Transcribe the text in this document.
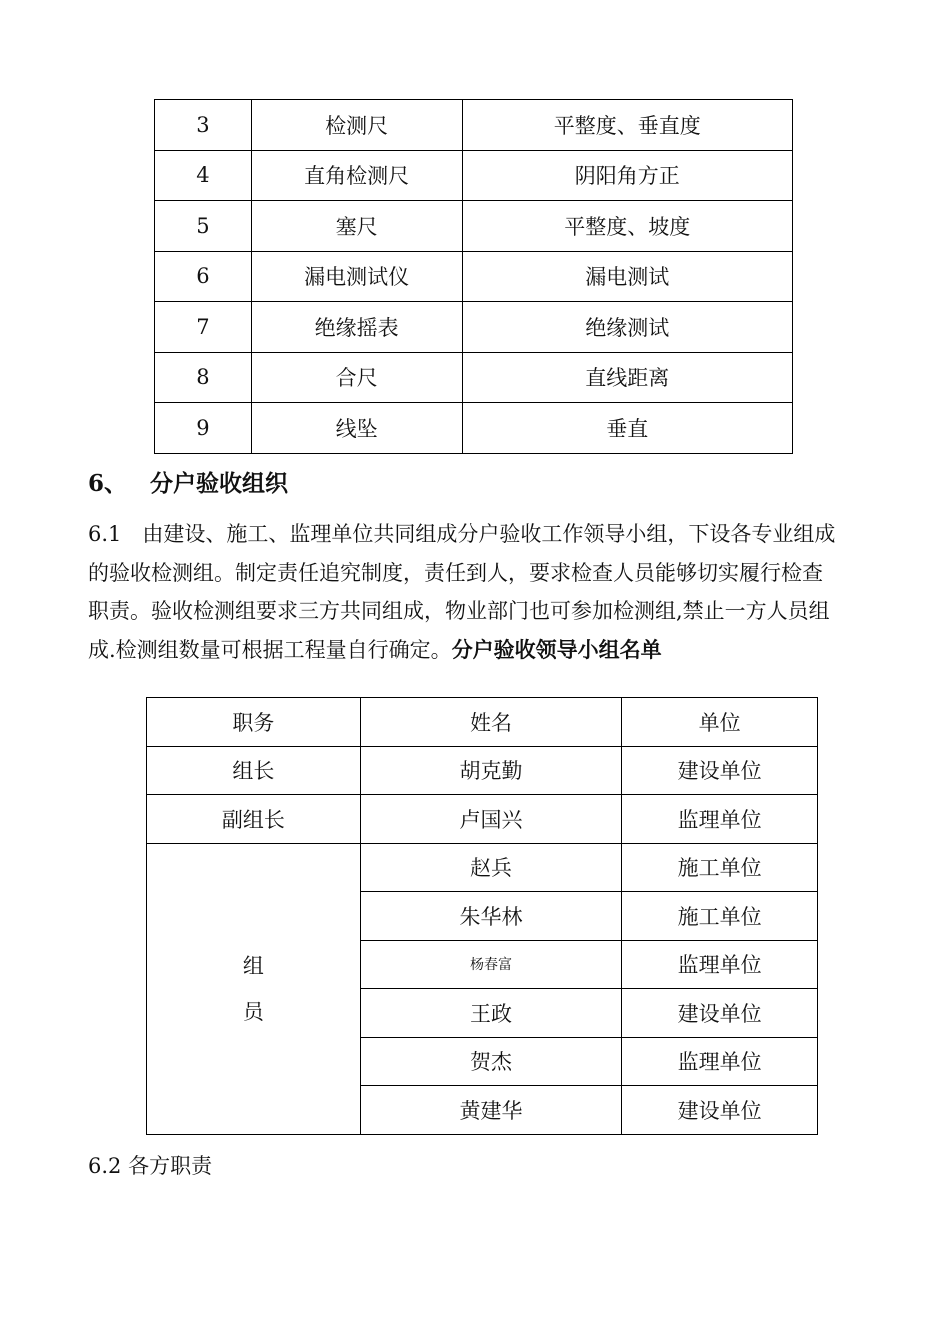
3	检测尺	平整度、垂直度
4	直角检测尺	阴阳角方正
5	塞尺	平整度、坡度
6	漏电测试仪	漏电测试
7	绝缘摇表	绝缘测试
8	合尺	直线距离
9	线坠	垂直
6、 分户验收组织

6.1　由建设、施工、监理单位共同组成分户验收工作领导小组，下设各专业组成

的验收检测组。制定责任追究制度，责任到人，要求检查人员能够切实履行检查

职责。验收检测组要求三方共同组成，物业部门也可参加检测组,禁止一方人员组

成.检测组数量可根据工程量自行确定。分户验收领导小组名单

职务	姓名	单位
组长	胡克勤	建设单位
副组长	卢国兴	监理单位

组
员	赵兵	施工单位
	朱华林	施工单位
	杨春富	监理单位
	王政	建设单位
	贺杰	监理单位
	黄建华	建设单位
6.2 各方职责
